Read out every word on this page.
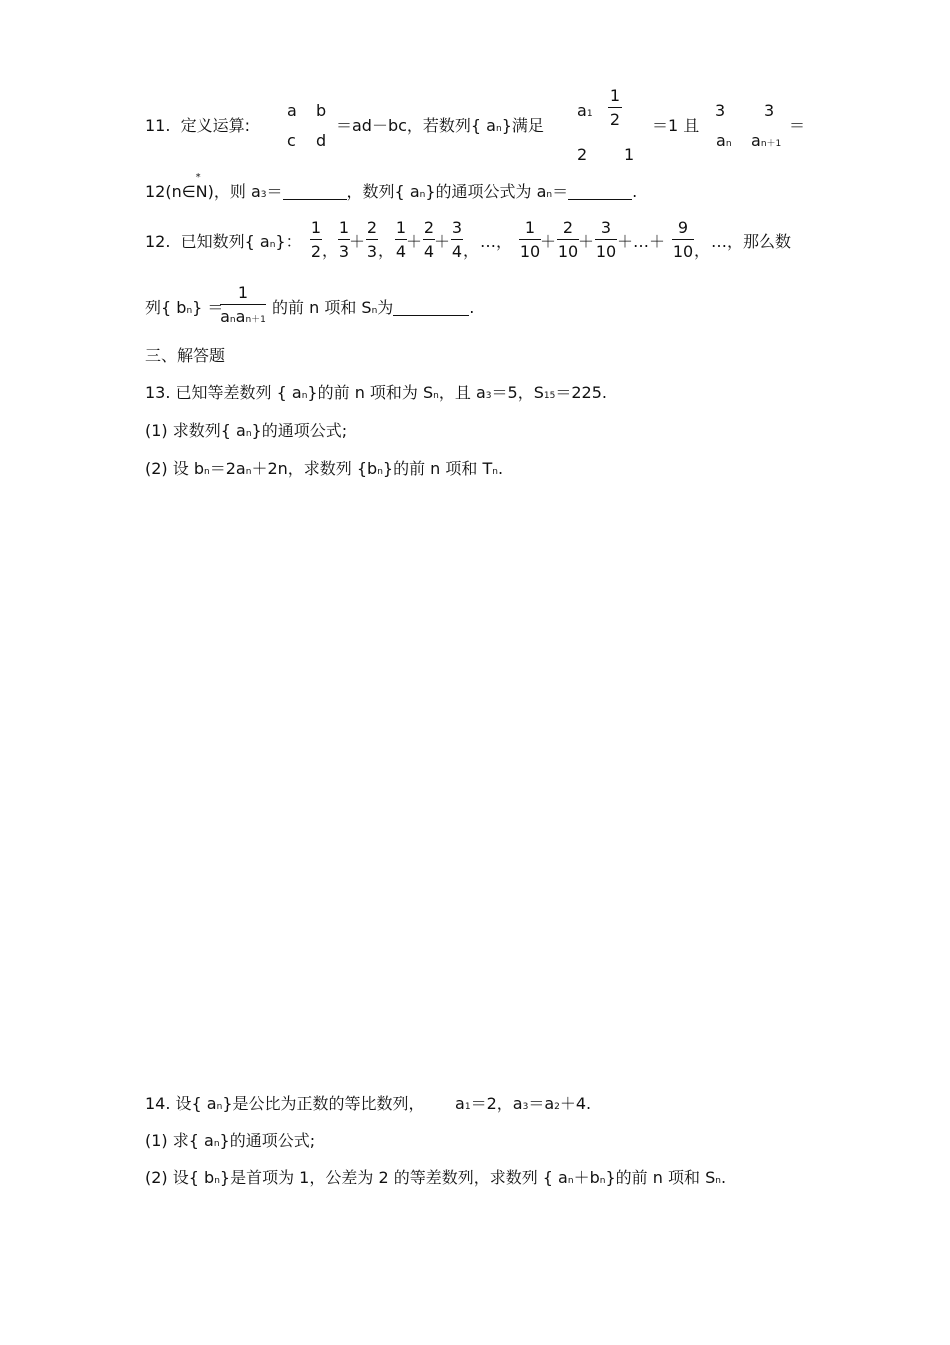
11. 定义运算:
a b
c d
＝ad－bc，若数列{ an}满足
a1
1
2
2 1
＝1 且
3 3
an an＋1
＝
12(n∈N
*
)，则 a3＝	，数列{ an}的通项公式为 an＝	.
12. 已知数列{ an}：
1
2 ，
1
3
＋
2
3 ，
1
4
＋
2
4
＋
3
4 ， …，
1
10
＋
2
10
＋
3
10
＋…＋
9
10 ， …，那么数
列{ bn} ＝
1
anan＋1
的前 n 项和 Sn为	.
三、解答题
13. 已知等差数列 { an}的前 n 项和为 Sn，且 a3＝5，S15＝225.
(1) 求数列{ an}的通项公式;
(2) 设 bn＝2an＋2n，求数列 {bn}的前 n 项和 Tn.
14. 设{ an}是公比为正数的等比数列， a1＝2，a3＝a2＋4.
(1) 求{ an}的通项公式;
(2) 设{ bn}是首项为 1，公差为 2 的等差数列，求数列 { an＋bn}的前 n 项和 Sn.
